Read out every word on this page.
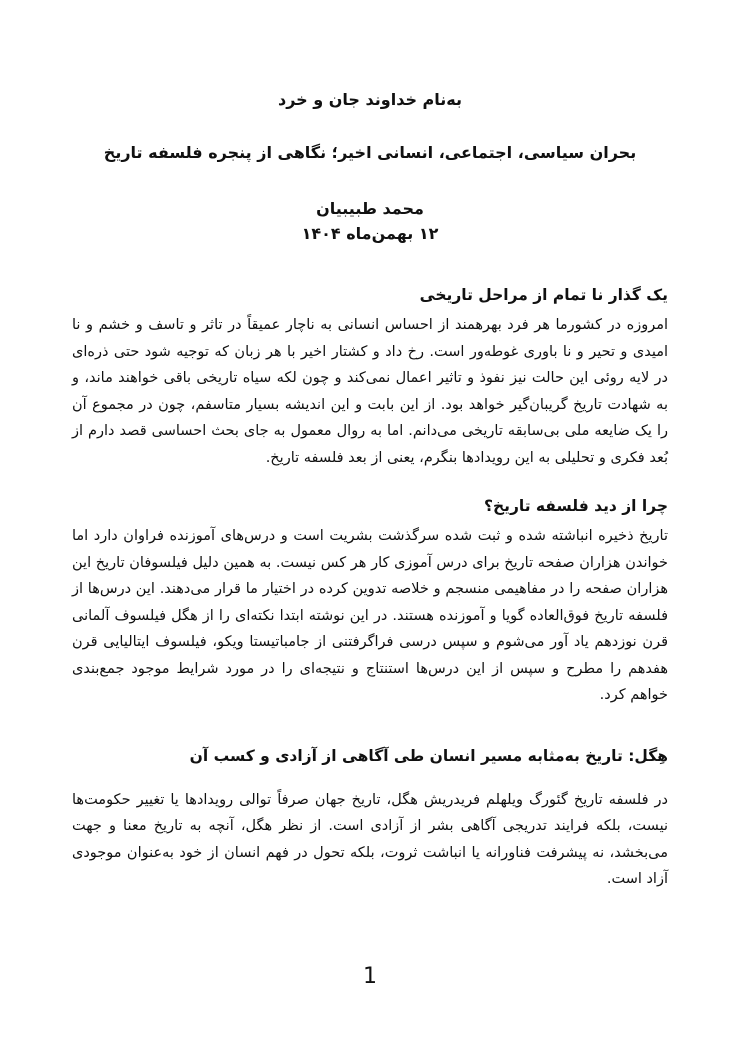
به‌نام خداوند جان و خرد

بحران سیاسی، اجتماعی، انسانی اخیر؛ نگاهی از پنجره فلسفه تاریخ

محمد طبیبیان

۱۲ بهمن‌ماه ۱۴۰۴

یک گذار نا تمام از مراحل تاریخی

امروزه در کشورما هر فرد بهرهمند از احساس انسانی به ناچار عمیقاً در تاثر و تاسف و خشم و نا امیدی و تحیر و نا باوری غوطه‌ور است. رخ داد و کشتار اخیر با هر زبان که توجیه شود حتی ذره‌ای در لایه روئی این حالت نیز نفوذ و تاثیر اعمال نمی‌کند و چون لکه سیاه تاریخی باقی خواهند ماند، و به شهادت تاریخ گریبان‌گیر خواهد بود. از این بابت و این اندیشه بسیار متاسفم، چون در مجموع آن را یک ضایعه ملی بی‌سابقه تاریخی می‌دانم. اما به روال معمول به جای بحث احساسی قصد دارم از بُعد فکری و تحلیلی به این رویدادها بنگرم، یعنی از بعد فلسفه تاریخ.

چرا از دید فلسفه تاریخ؟

تاریخ ذخیره انباشته شده و ثبت شده سرگذشت بشریت است و درس‌های آموزنده فراوان دارد اما خواندن هزاران صفحه تاریخ برای درس آموزی کار هر کس نیست. به همین دلیل فیلسوفان تاریخ این هزاران صفحه را در مفاهیمی منسجم و خلاصه تدوین کرده در اختیار ما قرار می‌دهند. این درس‌ها از فلسفه تاریخ فوق‌العاده گویا و آموزنده هستند. در این نوشته ابتدا نکته‌ای را از هگل فیلسوف آلمانی قرن نوزدهم یاد آور می‌شوم و سپس درسی فراگرفتنی از جامباتیستا ویکو، فیلسوف ایتالیایی قرن هفدهم را مطرح و سپس از این درس‌ها استنتاج و نتیجه‌ای را در مورد شرایط موجود جمع‌بندی خواهم کرد.

هِگل: تاریخ به‌مثابه مسیر انسان طی آگاهی از آزادی و کسب آن

در فلسفه تاریخ گئورگ ویلهلم فریدریش هگل، تاریخ جهان صرفاً توالی رویدادها یا تغییر حکومت‌ها نیست، بلکه فرایند تدریجی آگاهی بشر از آزادی است. از نظر هگل، آنچه به تاریخ معنا و جهت می‌بخشد، نه پیشرفت فناورانه یا انباشت ثروت، بلکه تحول در فهم انسان از خود به‌عنوان موجودی آزاد است.

1
